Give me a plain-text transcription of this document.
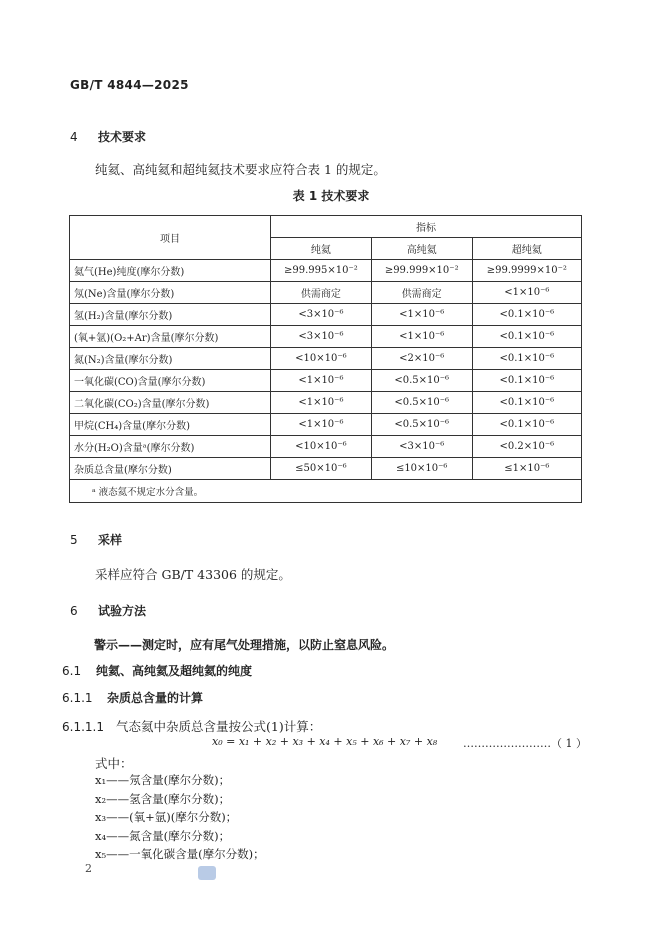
GB/T 4844—2025
4 技术要求
纯氦、高纯氦和超纯氦技术要求应符合表 1 的规定。
表 1 技术要求
项目	指标		
	纯氦	高纯氦	超纯氦
氦气(He)纯度(摩尔分数)	≥99.995×10⁻²	≥99.999×10⁻²	≥99.9999×10⁻²
氖(Ne)含量(摩尔分数)	供需商定	供需商定	<1×10⁻⁶
氢(H₂)含量(摩尔分数)	<3×10⁻⁶	<1×10⁻⁶	<0.1×10⁻⁶
(氧+氩)(O₂+Ar)含量(摩尔分数)	<3×10⁻⁶	<1×10⁻⁶	<0.1×10⁻⁶
氮(N₂)含量(摩尔分数)	<10×10⁻⁶	<2×10⁻⁶	<0.1×10⁻⁶
一氧化碳(CO)含量(摩尔分数)	<1×10⁻⁶	<0.5×10⁻⁶	<0.1×10⁻⁶
二氧化碳(CO₂)含量(摩尔分数)	<1×10⁻⁶	<0.5×10⁻⁶	<0.1×10⁻⁶
甲烷(CH₄)含量(摩尔分数)	<1×10⁻⁶	<0.5×10⁻⁶	<0.1×10⁻⁶
水分(H₂O)含量ᵃ(摩尔分数)	<10×10⁻⁶	<3×10⁻⁶	<0.2×10⁻⁶
杂质总含量(摩尔分数)	≤50×10⁻⁶	≤10×10⁻⁶	≤1×10⁻⁶
ᵃ 液态氦不规定水分含量。			
5 采样
采样应符合 GB/T 43306 的规定。
6 试验方法
警示——测定时，应有尾气处理措施，以防止窒息风险。
6.1 纯氦、高纯氦及超纯氦的纯度
6.1.1 杂质总含量的计算
6.1.1.1 气态氦中杂质总含量按公式(1)计算：
x₀ = x₁ + x₂ + x₃ + x₄ + x₅ + x₆ + x₇ + x₈ ……………………（ 1 ）
式中：
x₁——氖含量(摩尔分数)；
x₂——氢含量(摩尔分数)；
x₃——(氧+氩)(摩尔分数)；
x₄——氮含量(摩尔分数)；
x₅——一氧化碳含量(摩尔分数)；
2
